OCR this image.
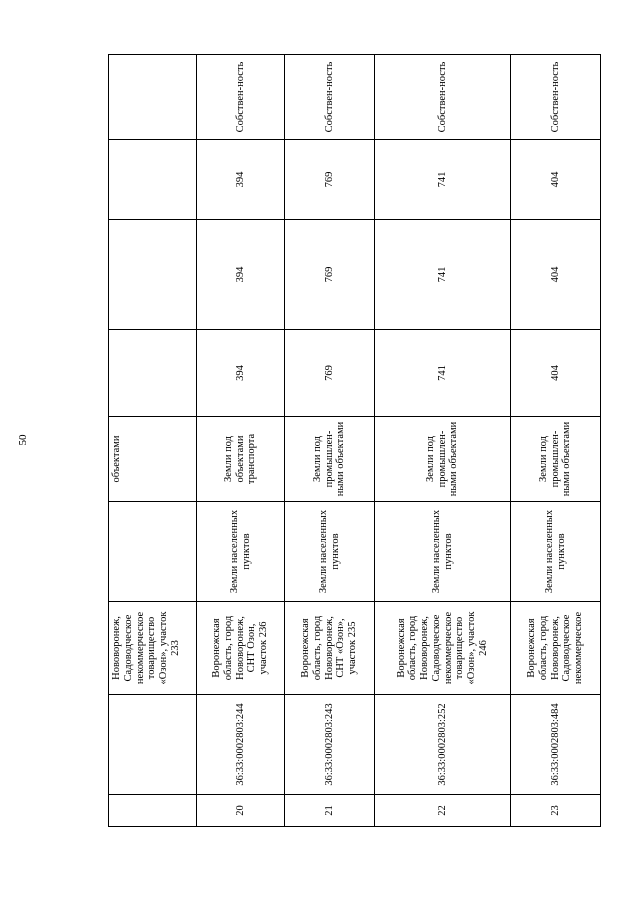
50
		Нововоронеж, Садоводческое некоммерческое товарищество «Озон», участок 233		объектами				
20	36:33:0002803:244	Воронежская область, город Нововоронеж, СНТ Озон, участок 236	Земли населенных пунктов	Земли под объектами транспорта	394	394	394	Собствен-ность
21	36:33:0002803:243	Воронежская область, город Нововоронеж, СНТ «Озон», участок 235	Земли населенных пунктов	Земли под промышлен-ными объектами	769	769	769	Собствен-ность
22	36:33:0002803:252	Воронежская область, город Нововоронеж, Садоводческое некоммерческое товарищество «Озон», участок 246	Земли населенных пунктов	Земли под промышлен-ными объектами	741	741	741	Собствен-ность
23	36:33:0002803:484	Воронежская область, город Нововоронеж, Садоводческое некоммерческое	Земли населенных пунктов	Земли под промышлен-ными объектами	404	404	404	Собствен-ность
